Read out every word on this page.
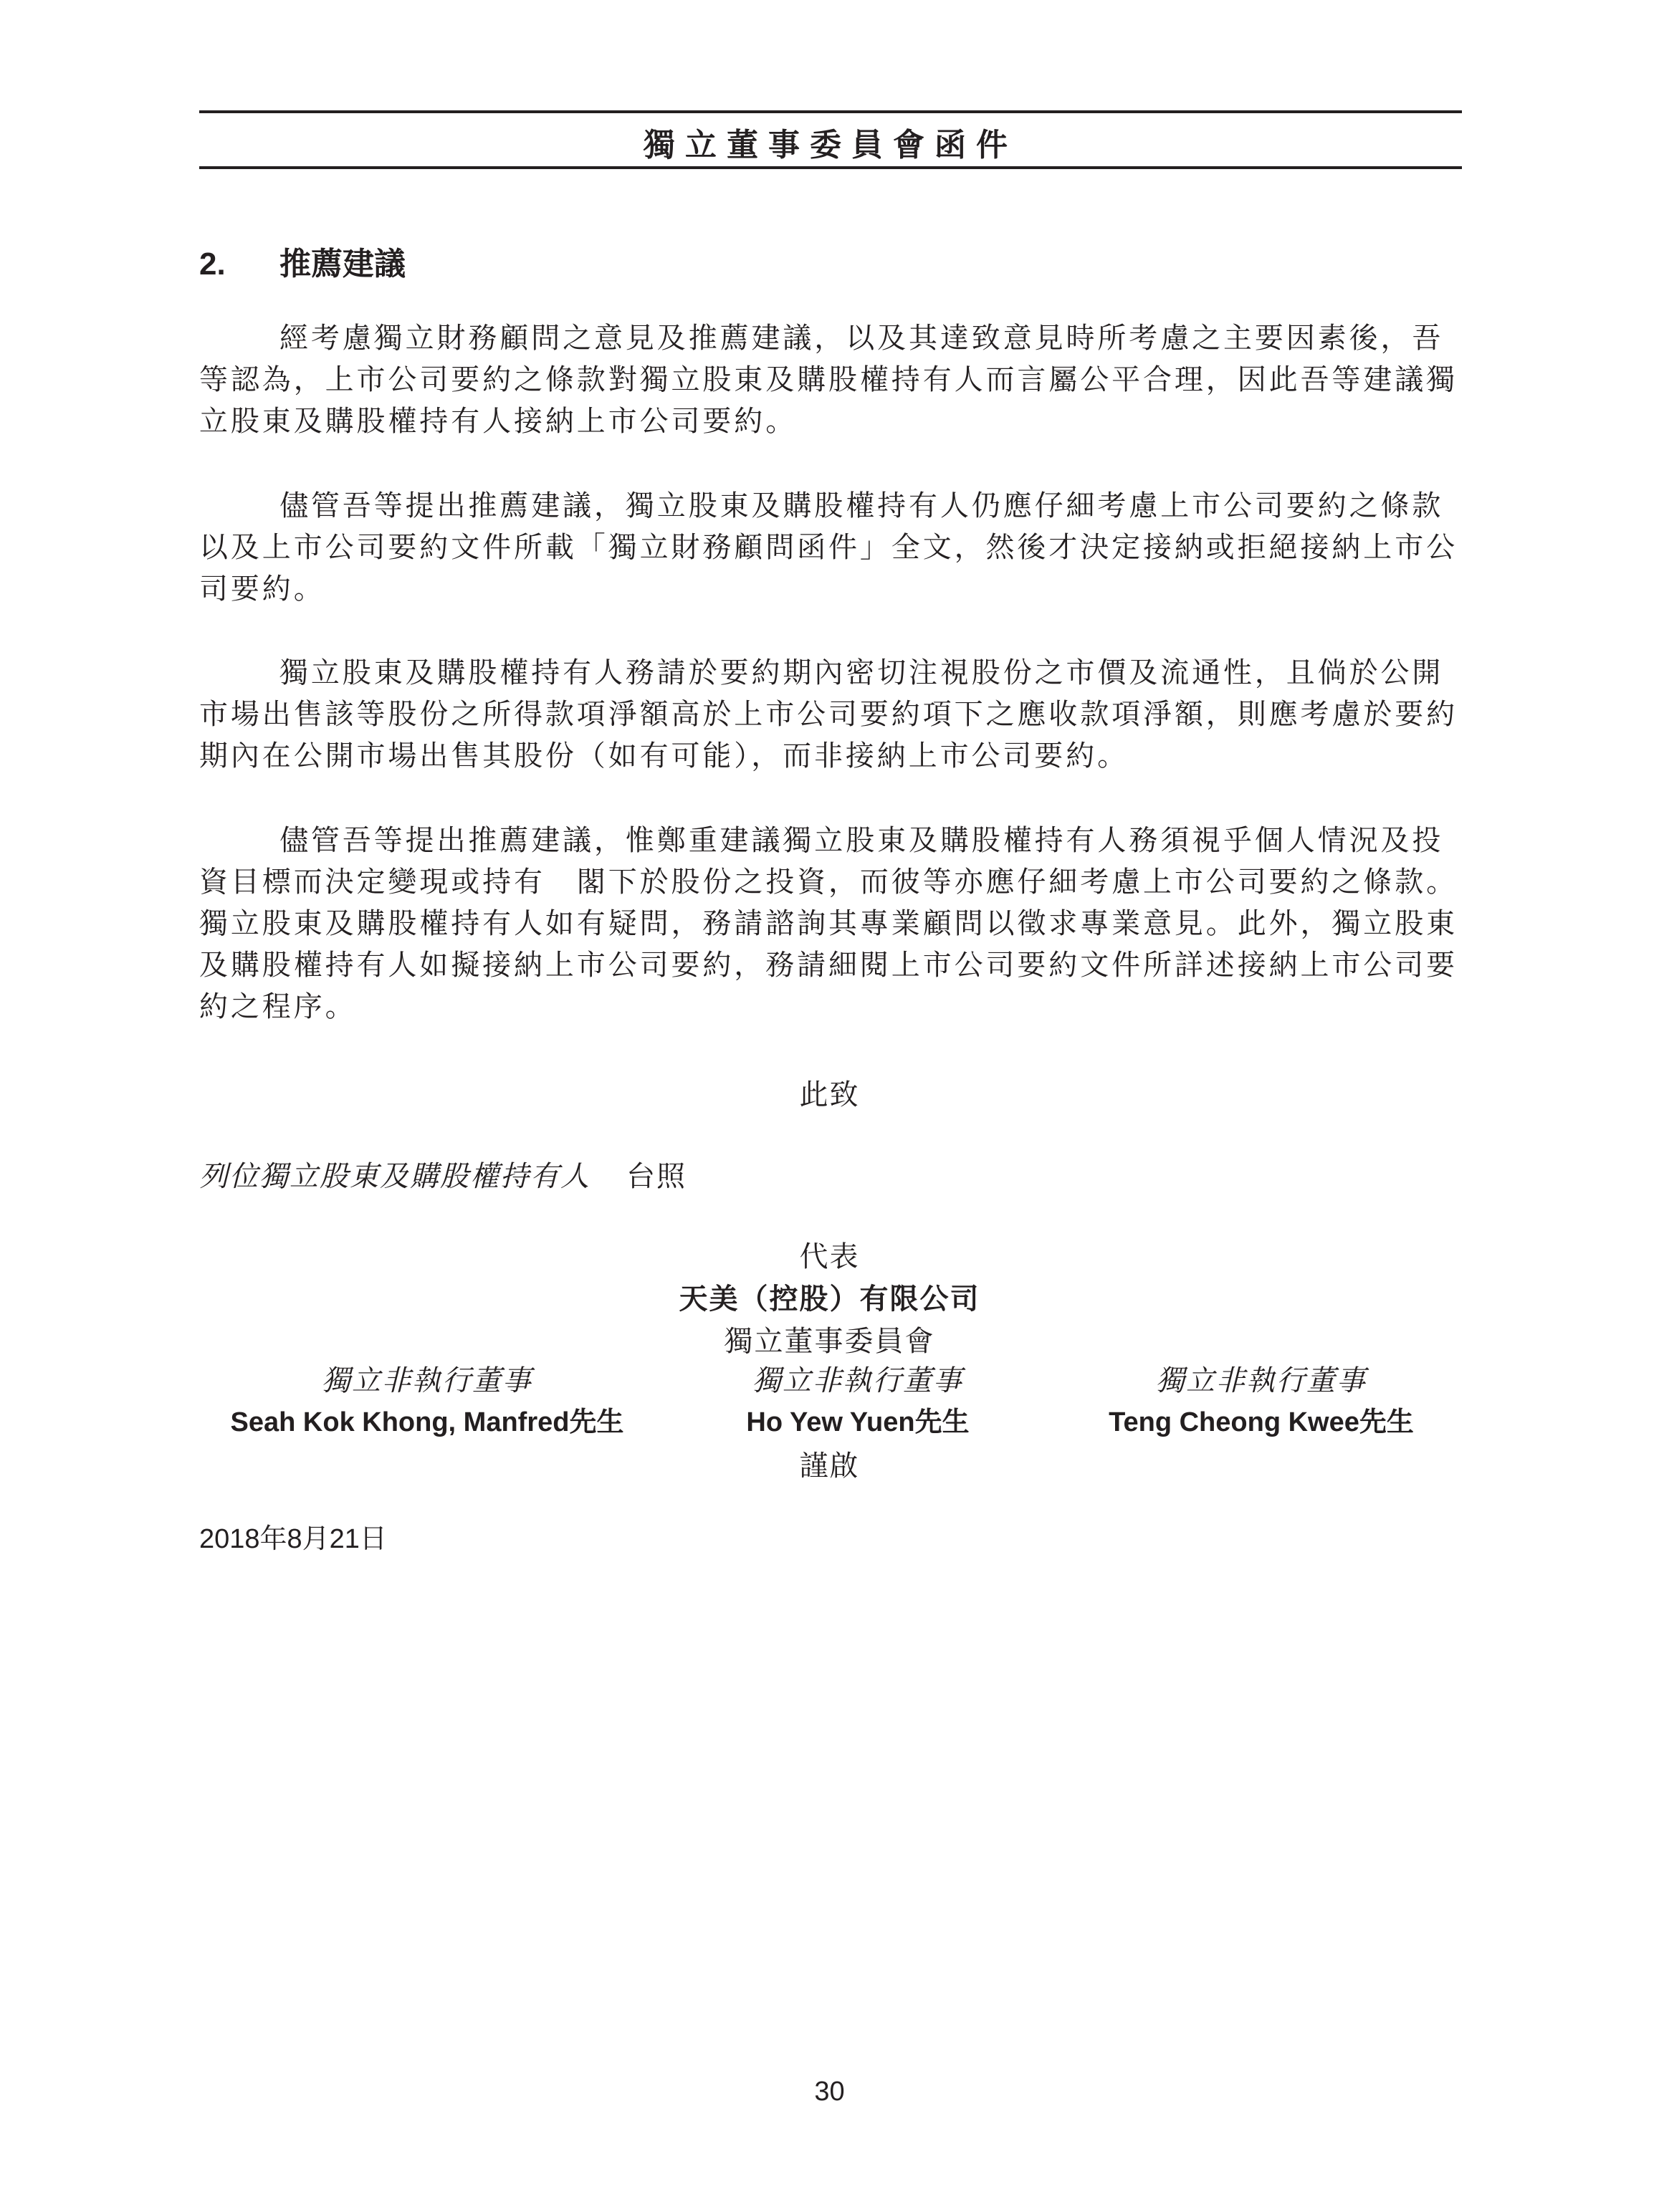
獨立董事委員會函件
2. 推薦建議

經考慮獨立財務顧問之意見及推薦建議，以及其達致意見時所考慮之主要因素後，吾等認為，上市公司要約之條款對獨立股東及購股權持有人而言屬公平合理，因此吾等建議獨立股東及購股權持有人接納上市公司要約。

儘管吾等提出推薦建議，獨立股東及購股權持有人仍應仔細考慮上市公司要約之條款以及上市公司要約文件所載「獨立財務顧問函件」全文，然後才決定接納或拒絕接納上市公司要約。

獨立股東及購股權持有人務請於要約期內密切注視股份之市價及流通性，且倘於公開市場出售該等股份之所得款項淨額高於上市公司要約項下之應收款項淨額，則應考慮於要約期內在公開市場出售其股份（如有可能），而非接納上市公司要約。

儘管吾等提出推薦建議，惟鄭重建議獨立股東及購股權持有人務須視乎個人情況及投資目標而決定變現或持有　閣下於股份之投資，而彼等亦應仔細考慮上市公司要約之條款。獨立股東及購股權持有人如有疑問，務請諮詢其專業顧問以徵求專業意見。此外，獨立股東及購股權持有人如擬接納上市公司要約，務請細閱上市公司要約文件所詳述接納上市公司要約之程序。

此致
列位獨立股東及購股權持有人 台照
代表
天美（控股）有限公司
獨立董事委員會
獨立非執行董事
Seah Kok Khong, Manfred先生
獨立非執行董事
Ho Yew Yuen先生
獨立非執行董事
Teng Cheong Kwee先生
謹啟
2018年8月21日
30
